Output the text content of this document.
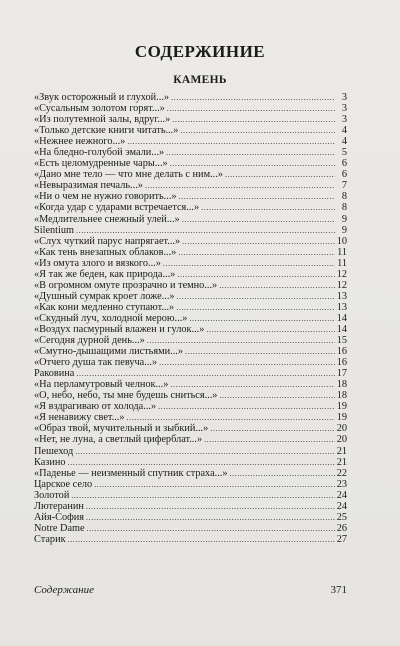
СОДЕРЖИНИЕ
КАМЕНЬ
«Звук осторожный и глухой...» .....	3
«Сусальным золотом горят...» .....	3
«Из полутемной залы, вдруг...» .....	3
«Только детские книги читать...» .....	4
«Нежнее нежного...» .....	4
«На бледно-голубой эмали...» .....	5
«Есть целомудренные чары...» .....	6
«Дано мне тело — что мне делать с ним...» .....	6
«Невыразимая печаль...» .....	7
«Ни о чем не нужно говорить...» .....	8
«Когда удар с ударами встречается...» .....	8
«Медлительнее снежный улей...» .....	9
Silentium .....	9
«Слух чуткий парус напрягает...» .....	10
«Как тень внезапных облаков...» .....	11
«Из омута злого и вязкого...» .....	11
«Я так же беден, как природа...» .....	12
«В огромном омуте прозрачно и темно...» .....	12
«Душный сумрак кроет ложе...» .....	13
«Как кони медленно ступают...» .....	13
«Скудный луч, холодной мерою...» .....	14
«Воздух пасмурный влажен и гулок...» .....	14
«Сегодня дурной день...» .....	15
«Смутно-дышащими листьями...» .....	16
«Отчего душа так певуча...» .....	16
Раковина .....	17
«На перламутровый челнок...» .....	18
«О, небо, небо, ты мне будешь сниться...» .....	18
«Я вздрагиваю от холода...» .....	19
«Я ненавижу свет...» .....	19
«Образ твой, мучительный и зыбкий...» .....	20
«Нет, не луна, а светлый циферблат...» .....	20
Пешеход .....	21
Казино .....	21
«Паденье — неизменный спутник страха...» .....	22
Царское село .....	23
Золотой .....	24
Лютеранин .....	24
Айя-София .....	25
Notre Dame .....	26
Старик .....	27
Содержание	371
